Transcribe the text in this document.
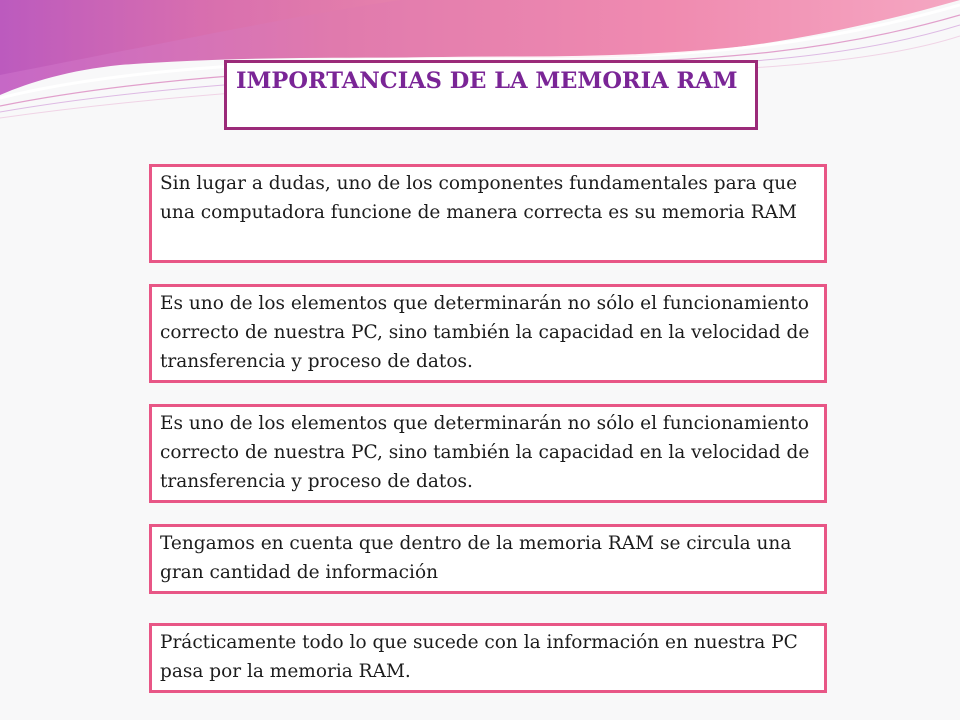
IMPORTANCIAS DE LA MEMORIA RAM

Sin lugar a dudas, uno de los componentes fundamentales para que una computadora funcione de manera correcta es su memoria RAM

Es uno de los elementos que determinarán no sólo el funcionamiento correcto de nuestra PC, sino también la capacidad en la velocidad de transferencia y proceso de datos.

Es uno de los elementos que determinarán no sólo el funcionamiento correcto de nuestra PC, sino también la capacidad en la velocidad de transferencia y proceso de datos.

Tengamos en cuenta que dentro de la memoria RAM se circula una gran cantidad de información

Prácticamente todo lo que sucede con la información en nuestra PC pasa por la memoria RAM.
